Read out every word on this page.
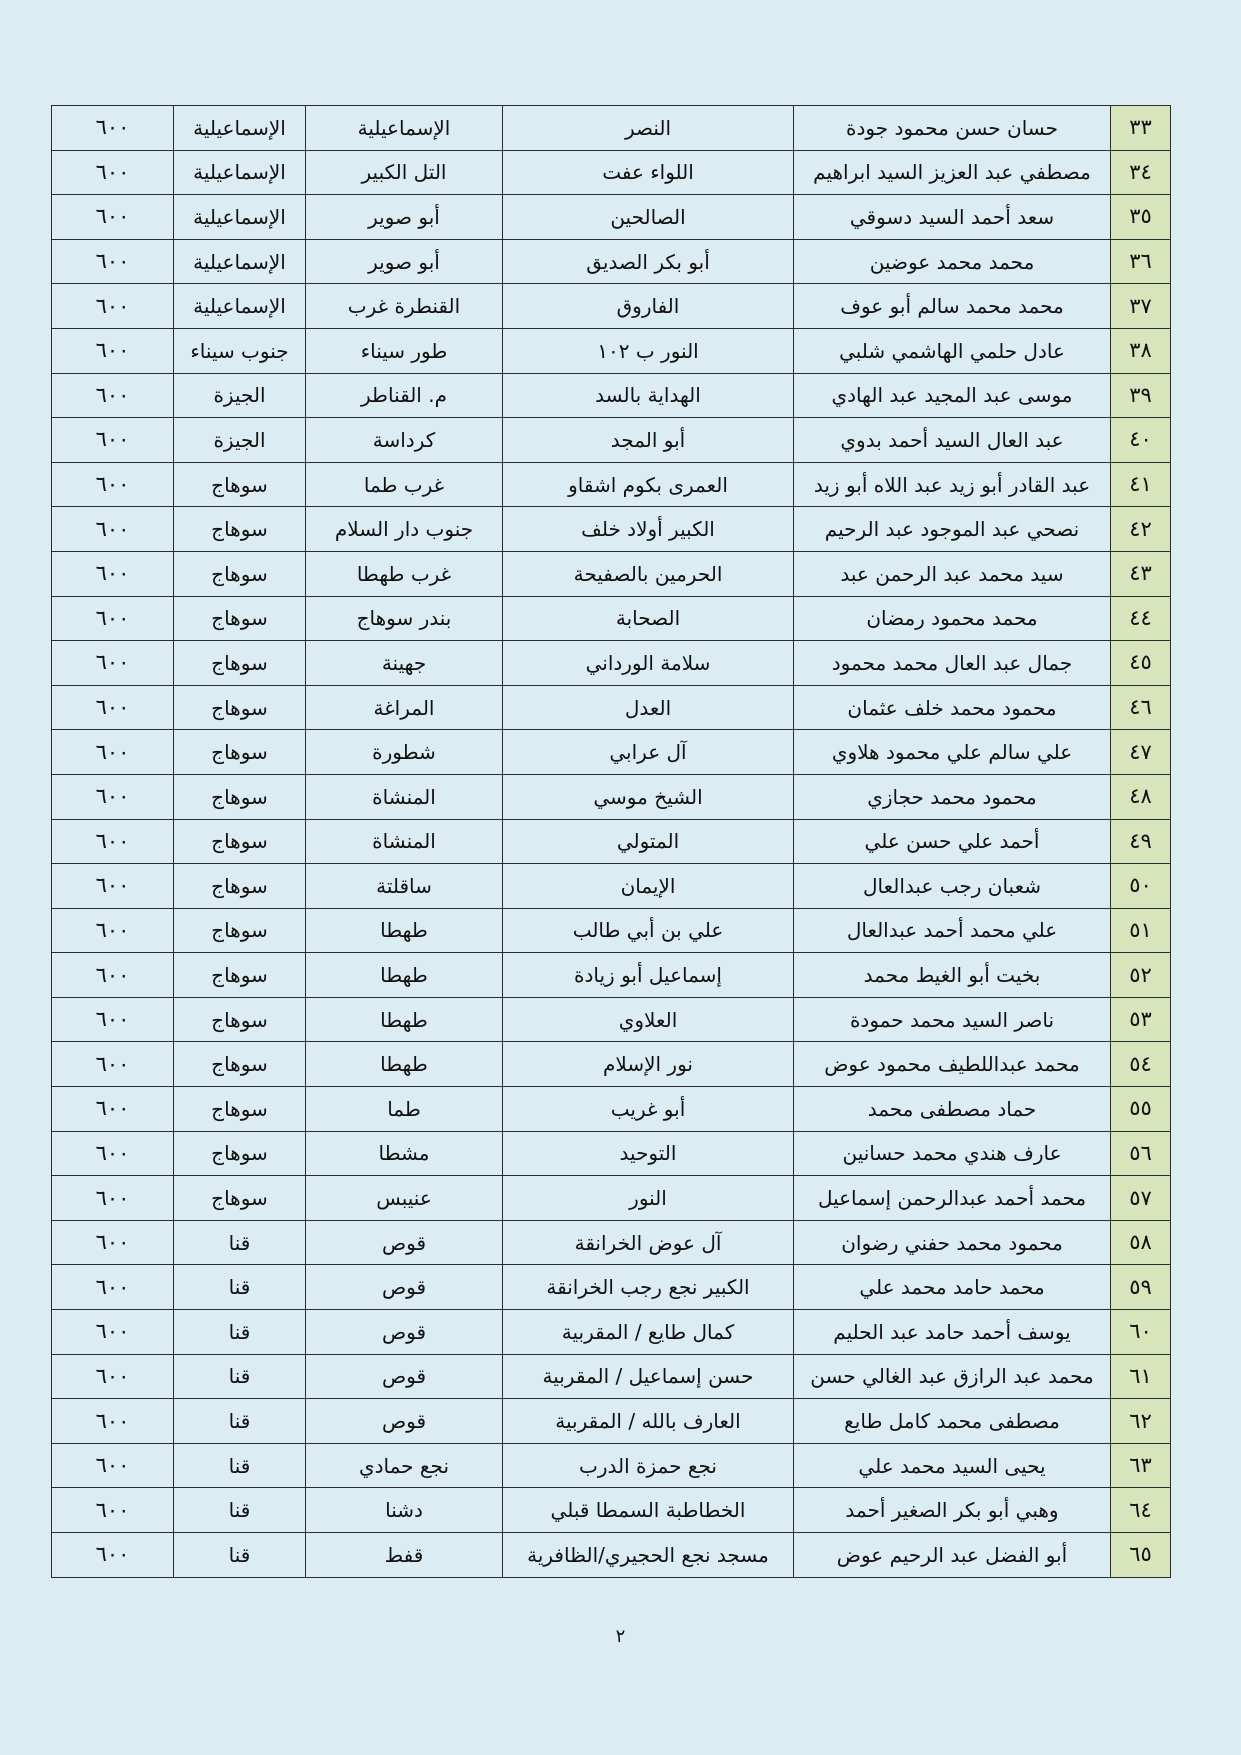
٣٣	حسان حسن محمود جودة	النصر	الإسماعيلية	الإسماعيلية	٦٠٠
٣٤	مصطفي عبد العزيز السيد ابراهيم	اللواء عفت	التل الكبير	الإسماعيلية	٦٠٠
٣٥	سعد أحمد السيد دسوقي	الصالحين	أبو صوير	الإسماعيلية	٦٠٠
٣٦	محمد محمد عوضين	أبو بكر الصديق	أبو صوير	الإسماعيلية	٦٠٠
٣٧	محمد محمد سالم أبو عوف	الفاروق	القنطرة غرب	الإسماعيلية	٦٠٠
٣٨	عادل حلمي الهاشمي شلبي	النور ب ١٠٢	طور سيناء	جنوب سيناء	٦٠٠
٣٩	موسى عبد المجيد عبد الهادي	الهداية بالسد	م. القناطر	الجيزة	٦٠٠
٤٠	عبد العال السيد أحمد بدوي	أبو المجد	كرداسة	الجيزة	٦٠٠
٤١	عبد القادر أبو زيد عبد اللاه أبو زيد	العمرى بكوم اشقاو	غرب طما	سوهاج	٦٠٠
٤٢	نصحي عبد الموجود عبد الرحيم	الكبير أولاد خلف	جنوب دار السلام	سوهاج	٦٠٠
٤٣	سيد محمد عبد الرحمن عبد	الحرمين بالصفيحة	غرب طهطا	سوهاج	٦٠٠
٤٤	محمد محمود رمضان	الصحابة	بندر سوهاج	سوهاج	٦٠٠
٤٥	جمال عبد العال محمد محمود	سلامة الورداني	جهينة	سوهاج	٦٠٠
٤٦	محمود محمد خلف عثمان	العدل	المراغة	سوهاج	٦٠٠
٤٧	علي سالم علي محمود هلاوي	آل عرابي	شطورة	سوهاج	٦٠٠
٤٨	محمود محمد حجازي	الشيخ موسي	المنشاة	سوهاج	٦٠٠
٤٩	أحمد علي حسن علي	المتولي	المنشاة	سوهاج	٦٠٠
٥٠	شعبان رجب عبدالعال	الإيمان	ساقلتة	سوهاج	٦٠٠
٥١	علي محمد أحمد عبدالعال	علي بن أبي طالب	طهطا	سوهاج	٦٠٠
٥٢	بخيت أبو الغيط محمد	إسماعيل أبو زيادة	طهطا	سوهاج	٦٠٠
٥٣	ناصر السيد محمد حمودة	العلاوي	طهطا	سوهاج	٦٠٠
٥٤	محمد عبداللطيف محمود عوض	نور الإسلام	طهطا	سوهاج	٦٠٠
٥٥	حماد مصطفى محمد	أبو غريب	طما	سوهاج	٦٠٠
٥٦	عارف هندي محمد حسانين	التوحيد	مشطا	سوهاج	٦٠٠
٥٧	محمد أحمد عبدالرحمن إسماعيل	النور	عنيبس	سوهاج	٦٠٠
٥٨	محمود محمد حفني رضوان	آل عوض الخرانقة	قوص	قنا	٦٠٠
٥٩	محمد حامد محمد علي	الكبير نجع رجب الخرانقة	قوص	قنا	٦٠٠
٦٠	يوسف أحمد حامد عبد الحليم	كمال طايع / المقربية	قوص	قنا	٦٠٠
٦١	محمد عبد الرازق عبد الغالي حسن	حسن إسماعيل / المقربية	قوص	قنا	٦٠٠
٦٢	مصطفى محمد كامل طايع	العارف بالله / المقربية	قوص	قنا	٦٠٠
٦٣	يحيى السيد محمد علي	نجع حمزة الدرب	نجع حمادي	قنا	٦٠٠
٦٤	وهبي أبو بكر الصغير أحمد	الخطاطبة السمطا قبلي	دشنا	قنا	٦٠٠
٦٥	أبو الفضل عبد الرحيم عوض	مسجد نجع الحجيري/الظافرية	قفط	قنا	٦٠٠
٢
